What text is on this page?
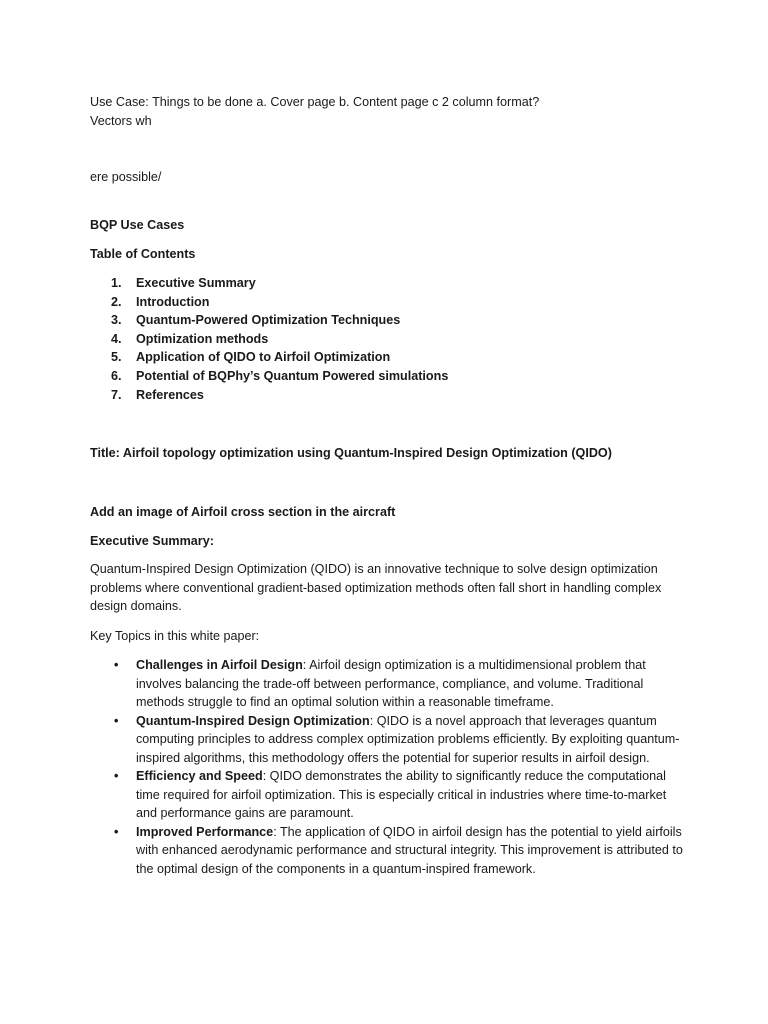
Use Case: Things to be done a. Cover page b. Content page c 2 column format?

Vectors wh

ere possible/

BQP Use Cases

Table of Contents

1. Executive Summary
2. Introduction
3. Quantum-Powered Optimization Techniques
4. Optimization methods
5. Application of QIDO to Airfoil Optimization
6. Potential of BQPhy’s Quantum Powered simulations
7. References

Title: Airfoil topology optimization using Quantum-Inspired Design Optimization (QIDO)

Add an image of Airfoil cross section in the aircraft

Executive Summary:

Quantum-Inspired Design Optimization (QIDO) is an innovative technique to solve design optimization problems where conventional gradient-based optimization methods often fall short in handling complex design domains.

Key Topics in this white paper:

• Challenges in Airfoil Design: Airfoil design optimization is a multidimensional problem that involves balancing the trade-off between performance, compliance, and volume. Traditional methods struggle to find an optimal solution within a reasonable timeframe.
• Quantum-Inspired Design Optimization: QIDO is a novel approach that leverages quantum computing principles to address complex optimization problems efficiently. By exploiting quantum-inspired algorithms, this methodology offers the potential for superior results in airfoil design.
• Efficiency and Speed: QIDO demonstrates the ability to significantly reduce the computational time required for airfoil optimization. This is especially critical in industries where time-to-market and performance gains are paramount.
• Improved Performance: The application of QIDO in airfoil design has the potential to yield airfoils with enhanced aerodynamic performance and structural integrity. This improvement is attributed to the optimal design of the components in a quantum-inspired framework.
